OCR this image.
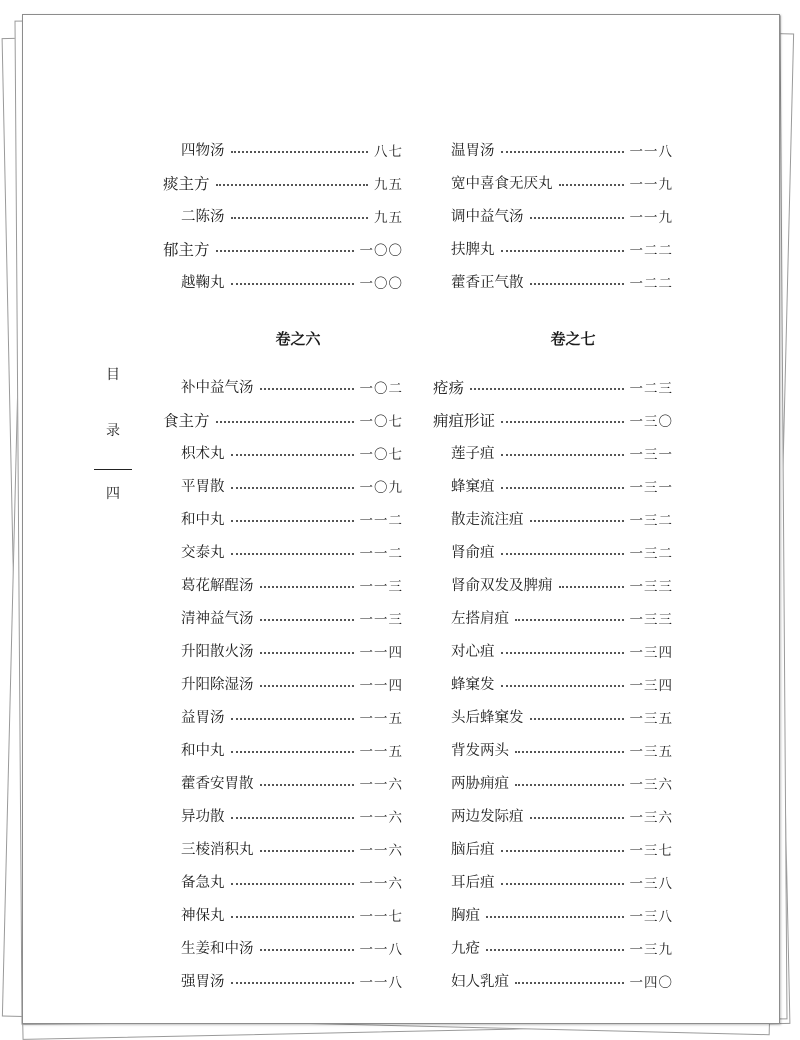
目
录
四
四物汤	八七
痰主方	九五
二陈汤	九五
郁主方	一〇〇
越鞠丸	一〇〇
卷之六
补中益气汤	一〇二
食主方	一〇七
枳术丸	一〇七
平胃散	一〇九
和中丸	一一二
交泰丸	一一二
葛花解酲汤	一一三
清神益气汤	一一三
升阳散火汤	一一四
升阳除湿汤	一一四
益胃汤	一一五
和中丸	一一五
藿香安胃散	一一六
异功散	一一六
三棱消积丸	一一六
备急丸	一一六
神保丸	一一七
生姜和中汤	一一八
强胃汤	一一八
温胃汤	一一八
宽中喜食无厌丸	一一九
调中益气汤	一一九
扶脾丸	一二二
藿香正气散	一二二
卷之七
疮疡	一二三
痈疽形证	一三〇
莲子疽	一三一
蜂窠疽	一三一
散走流注疽	一三二
肾俞疽	一三二
肾俞双发及脾痈	一三三
左搭肩疽	一三三
对心疽	一三四
蜂窠发	一三四
头后蜂窠发	一三五
背发两头	一三五
两胁痈疽	一三六
两边发际疽	一三六
脑后疽	一三七
耳后疽	一三八
胸疽	一三八
九疮	一三九
妇人乳疽	一四〇
